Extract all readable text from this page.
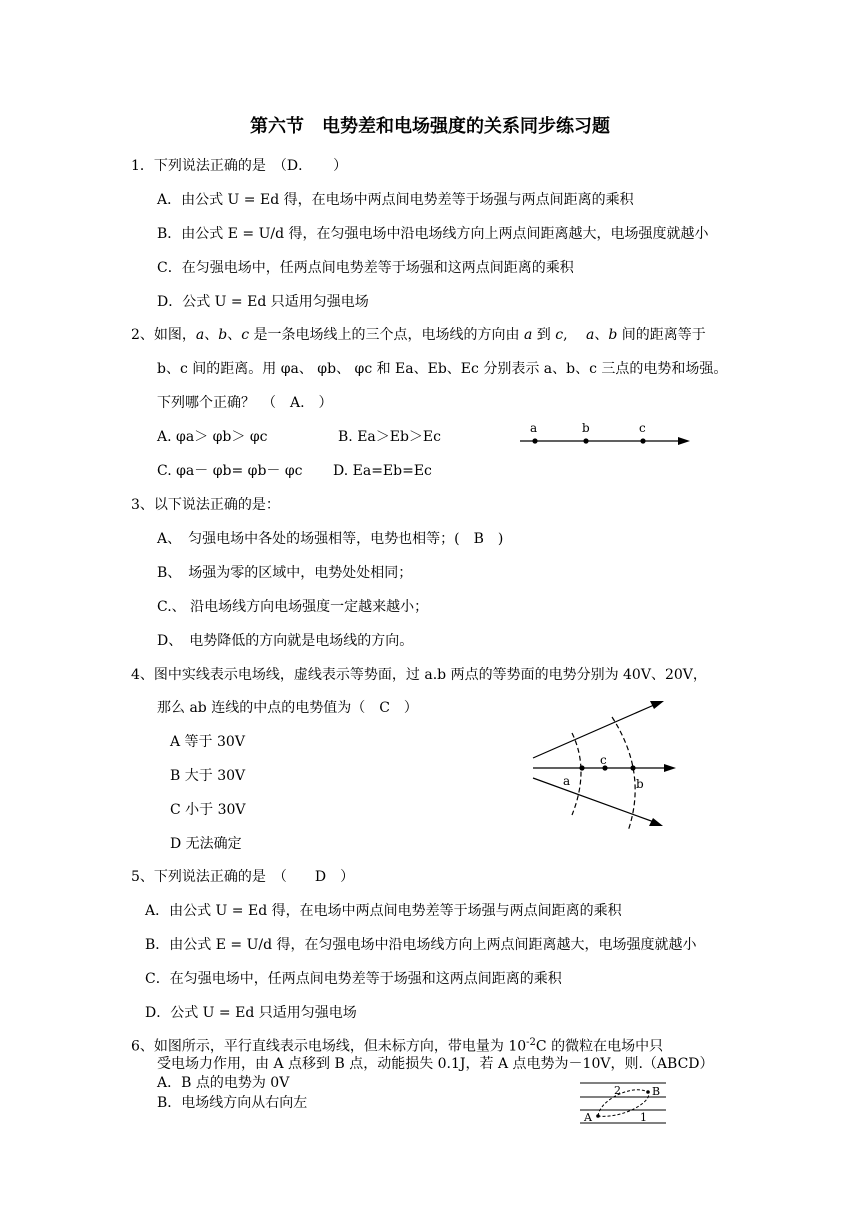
第六节　电势差和电场强度的关系同步练习题
1．下列说法正确的是　（D．　　）
A．由公式 U = Ed 得，在电场中两点间电势差等于场强与两点间距离的乘积
B．由公式 E = U/d 得，在匀强电场中沿电场线方向上两点间距离越大，电场强度就越小
C．在匀强电场中，任两点间电势差等于场强和这两点间距离的乘积
D．公式 U = Ed 只适用匀强电场
2、如图，a、b、c 是一条电场线上的三个点，电场线的方向由 a 到 c,　 a、b 间的距离等于
b、c 间的距离。用 φa、 φb、 φc 和 Ea、Eb、Ec 分别表示 a、b、c 三点的电势和场强。
下列哪个正确？　（　A.　）
A. φa＞ φb＞ φc	B. Ea＞Eb＞Ec
C. φa－ φb= φb－ φc D. Ea=Eb=Ec
a	b	c
3、以下说法正确的是：
A、　匀强电场中各处的场强相等，电势也相等；(　B　)
B、　场强为零的区域中，电势处处相同；
C.、 沿电场线方向电场强度一定越来越小；
D、　电势降低的方向就是电场线的方向。
4、图中实线表示电场线，虚线表示等势面，过 a.b 两点的等势面的电势分别为 40V、20V，
那么 ab 连线的中点的电势值为（　C　）
A 等于 30V
B 大于 30V
C 小于 30V
D 无法确定
a
c
b
5、下列说法正确的是　（　　D　）
A．由公式 U = Ed 得，在电场中两点间电势差等于场强与两点间距离的乘积
B．由公式 E = U/d 得，在匀强电场中沿电场线方向上两点间距离越大，电场强度就越小
C．在匀强电场中，任两点间电势差等于场强和这两点间距离的乘积
D．公式 U = Ed 只适用匀强电场
6、如图所示，平行直线表示电场线，但未标方向，带电量为 $10^{-2}C$ 的微粒在电场中只
受电场力作用，由 A 点移到 B 点，动能损失 0.1J，若 A 点电势为－10V，则.（ABCD）
A．B 点的电势为 0V
B．电场线方向从右向左
2	B
A	1
